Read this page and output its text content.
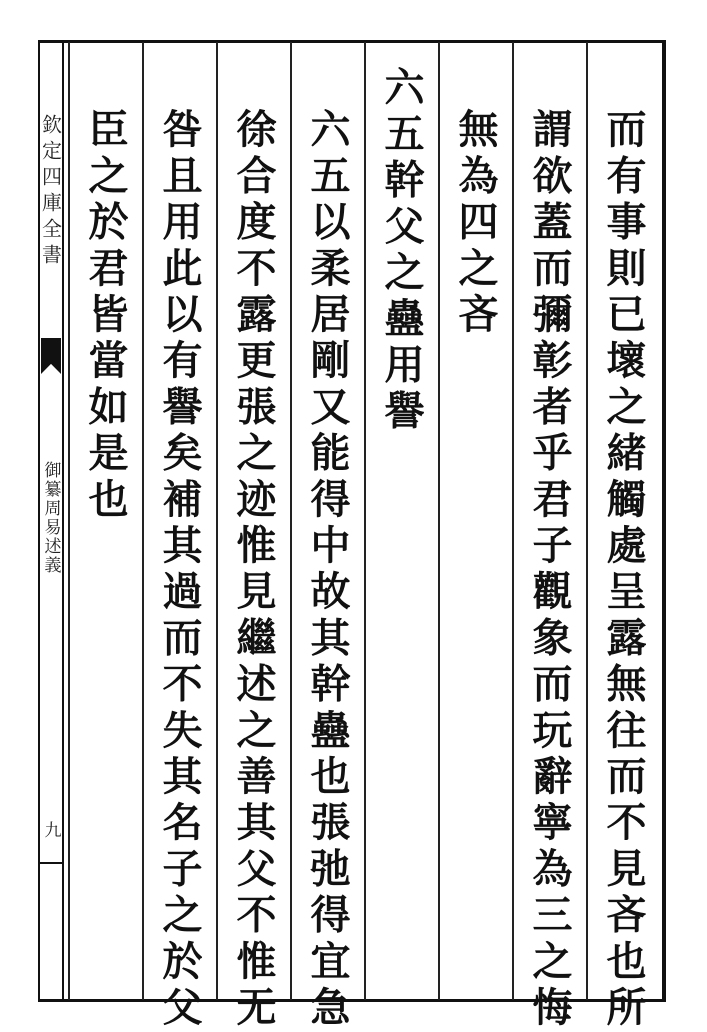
欽定四庫全書
御纂周易述義
九	而有事則已壞之緒觸處呈露無往而不見吝也所
謂欲蓋而彌彰者乎君子觀象而玩辭寧為三之悔
無為四之吝
六五幹父之蠱用譽
六五以柔居剛又能得中故其幹蠱也張弛得宜急
徐合度不露更張之迹惟見繼述之善其父不惟无
咎且用此以有譽矣補其過而不失其名子之於父
臣之於君皆當如是也
